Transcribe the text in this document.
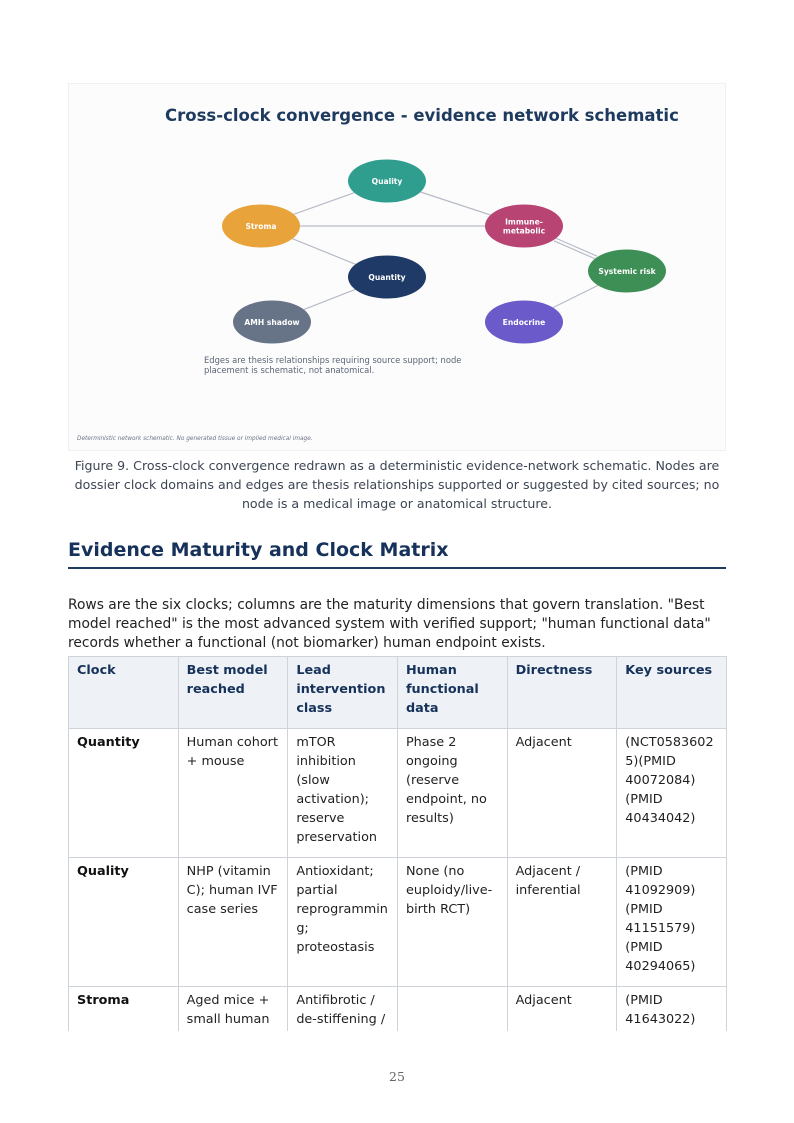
Quality
Stroma
Immune-metabolic
Systemic risk
Quantity
AMH shadow	Endocrine
Cross-clock convergence - evidence network schematic
Edges are thesis relationships requiring source support; node placement is schematic, not anatomical.
Deterministic network schematic. No generated tissue or implied medical image.
Figure 9. Cross-clock convergence redrawn as a deterministic evidence-network schematic. Nodes are dossier clock domains and edges are thesis relationships supported or suggested by cited sources; no node is a medical image or anatomical structure.
Evidence Maturity and Clock Matrix

Rows are the six clocks; columns are the maturity dimensions that govern translation. "Best model reached" is the most advanced system with verified support; "human functional data" records whether a functional (not biomarker) human endpoint exists.

Clock	Best model reached	Lead intervention class	Human functional data	Directness	Key sources
Quantity	Human cohort + mouse	mTOR inhibition (slow activation); reserve preservation	Phase 2 ongoing (reserve endpoint, no results)	Adjacent	(NCT05836025)(PMID 40072084)(PMID 40434042)
Quality	NHP (vitamin C); human IVF case series	Antioxidant; partial reprogramming; proteostasis	None (no euploidy/live-birth RCT)	Adjacent / inferential	(PMID 41092909)(PMID 41151579)(PMID 40294065)
Stroma	Aged mice + small human	Antifibrotic / de-stiffening /		Adjacent	(PMID 41643022)
25
